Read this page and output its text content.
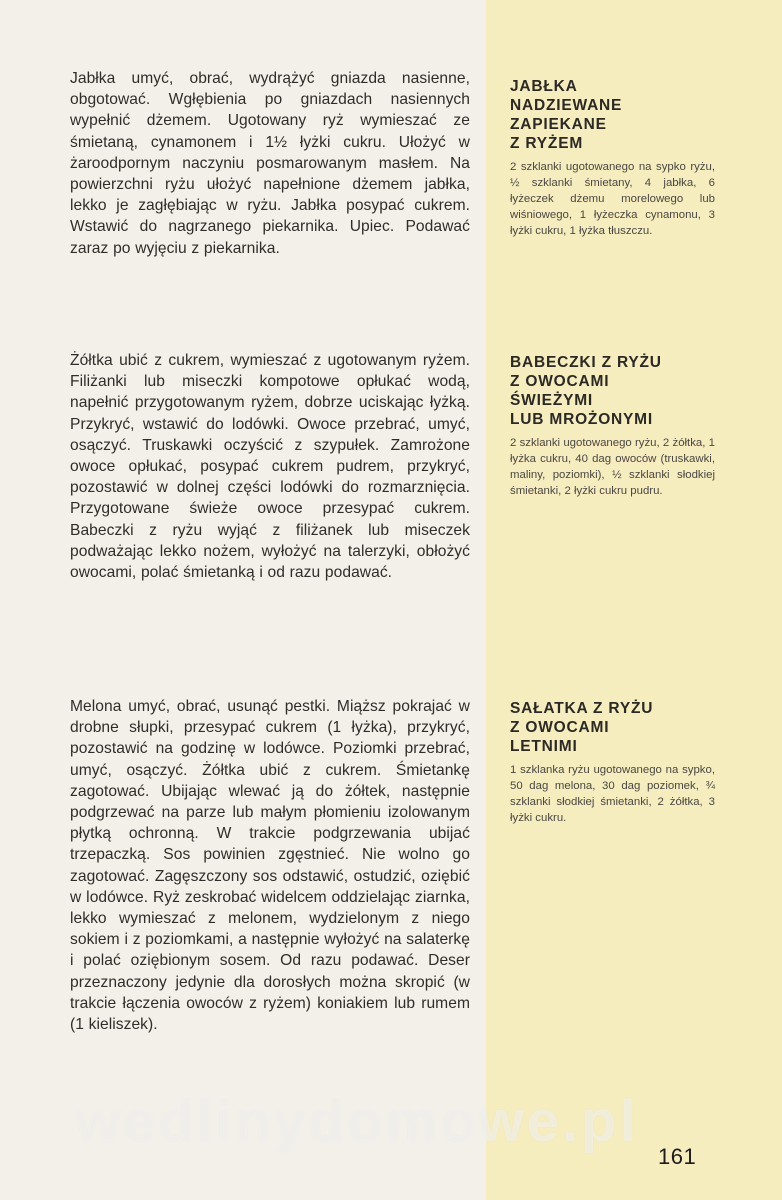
Jabłka umyć, obrać, wydrążyć gniazda nasienne, obgotować. Wgłębienia po gniazdach nasiennych wypełnić dżemem. Ugotowany ryż wymieszać ze śmietaną, cynamonem i 1½ łyżki cukru. Ułożyć w żaroodpornym naczyniu posmarowanym masłem. Na powierzchni ryżu ułożyć napełnione dżemem jabłka, lekko je zagłębiając w ryżu. Jabłka posypać cukrem. Wstawić do nagrzanego piekarnika. Upiec. Podawać zaraz po wyjęciu z piekarnika.

JABŁKA
NADZIEWANE
ZAPIEKANE
Z RYŻEM

2 szklanki ugotowanego na sypko ryżu, ½ szklanki śmietany, 4 jabłka, 6 łyżeczek dżemu morelowego lub wiśniowego, 1 łyżeczka cynamonu, 3 łyżki cukru, 1 łyżka tłuszczu.

Żółtka ubić z cukrem, wymieszać z ugotowanym ryżem. Filiżanki lub miseczki kompotowe opłukać wodą, napełnić przygotowanym ryżem, dobrze uciskając łyżką. Przykryć, wstawić do lodówki. Owoce przebrać, umyć, osączyć. Truskawki oczyścić z szypułek. Zamrożone owoce opłukać, posypać cukrem pudrem, przykryć, pozostawić w dolnej części lodówki do rozmarznięcia. Przygotowane świeże owoce przesypać cukrem. Babeczki z ryżu wyjąć z filiżanek lub miseczek podważając lekko nożem, wyłożyć na talerzyki, obłożyć owocami, polać śmietanką i od razu podawać.

BABECZKI Z RYŻU
Z OWOCAMI
ŚWIEŻYMI
LUB MROŻONYMI

2 szklanki ugotowanego ryżu, 2 żółtka, 1 łyżka cukru, 40 dag owoców (truskawki, maliny, poziomki), ½ szklanki słodkiej śmietanki, 2 łyżki cukru pudru.

Melona umyć, obrać, usunąć pestki. Miąższ pokrajać w drobne słupki, przesypać cukrem (1 łyżka), przykryć, pozostawić na godzinę w lodówce. Poziomki przebrać, umyć, osączyć. Żółtka ubić z cukrem. Śmietankę zagotować. Ubijając wlewać ją do żółtek, następnie podgrzewać na parze lub małym płomieniu izolowanym płytką ochronną. W trakcie podgrzewania ubijać trzepaczką. Sos powinien zgęstnieć. Nie wolno go zagotować. Zagęszczony sos odstawić, ostudzić, oziębić w lodówce. Ryż zeskrobać widelcem oddzielając ziarnka, lekko wymieszać z melonem, wydzielonym z niego sokiem i z poziomkami, a następnie wyłożyć na salaterkę i polać oziębionym sosem. Od razu podawać. Deser przeznaczony jedynie dla dorosłych można skropić (w trakcie łączenia owoców z ryżem) koniakiem lub rumem (1 kieliszek).

SAŁATKA Z RYŻU
Z OWOCAMI
LETNIMI

1 szklanka ryżu ugotowanego na sypko, 50 dag melona, 30 dag poziomek, ¾ szklanki słodkiej śmietanki, 2 żółtka, 3 łyżki cukru.

wedlinydomowe.pl
161
